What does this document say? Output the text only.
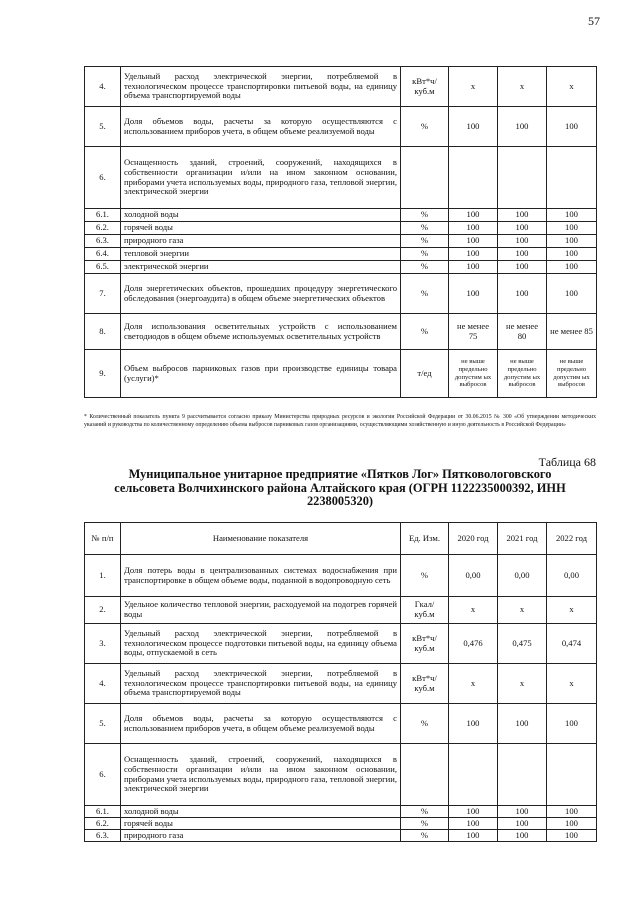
57
4.	Удельный расход электрической энергии, потребляемой в технологическом процессе транспортировки питьевой воды, на единицу объема транспортируемой воды	кВт*ч/ куб.м	x	x	x
5.	Доля объемов воды, расчеты за которую осуществляются с использованием приборов учета, в общем объеме реализуемой воды	%	100	100	100
6.	Оснащенность зданий, строений, сооружений, находящихся в собственности организации и/или на ином законном основании, приборами учета используемых воды, природного газа, тепловой энергии, электрической энергии				
6.1.	холодной воды	%	100	100	100
6.2.	горячей воды	%	100	100	100
6.3.	природного газа	%	100	100	100
6.4.	тепловой энергии	%	100	100	100
6.5.	электрической энергии	%	100	100	100
7.	Доля энергетических объектов, прошедших процедуру энергетического обследования (энергоаудита) в общем объеме энергетических объектов	%	100	100	100
8.	Доля использования осветительных устройств с использованием светодиодов в общем объеме используемых осветительных устройств	%	не менее 75	не менее 80	не менее 85
9.	Объем выбросов парниковых газов при производстве единицы товара (услуги)*	т/ед	не выше предельно допустим ых выбросов	не выше предельно допустим ых выбросов	не выше предельно допустим ых выбросов
* Количественный показатель пункта 9 рассчитывается согласно приказу Министерства природных ресурсов и экологии Российской Федерации от 30.06.2015 № 300 «Об утверждении методических указаний и руководства по количественному определению объема выбросов парниковых газов организациями, осуществляющими хозяйственную и иную деятельность в Российской Федерации»
Таблица 68
Муниципальное унитарное предприятие «Пятков Лог» Пятковологовского сельсовета Волчихинского района Алтайского края (ОГРН 1122235000392, ИНН 2238005320)
№ п/п	Наименование показателя	Ед. Изм.	2020 год	2021 год	2022 год
1.	Доля потерь воды в централизованных системах водоснабжения при транспортировке в общем объеме воды, поданной в водопроводную сеть	%	0,00	0,00	0,00
2.	Удельное количество тепловой энергии, расходуемой на подогрев горячей воды	Гкал/ куб.м	x	x	x
3.	Удельный расход электрической энергии, потребляемой в технологическом процессе подготовки питьевой воды, на единицу объема воды, отпускаемой в сеть	кВт*ч/ куб.м	0,476	0,475	0,474
4.	Удельный расход электрической энергии, потребляемой в технологическом процессе транспортировки питьевой воды, на единицу объема транспортируемой воды	кВт*ч/ куб.м	x	x	x
5.	Доля объемов воды, расчеты за которую осуществляются с использованием приборов учета, в общем объеме реализуемой воды	%	100	100	100
6.	Оснащенность зданий, строений, сооружений, находящихся в собственности организации и/или на ином законном основании, приборами учета используемых воды, природного газа, тепловой энергии, электрической энергии				
6.1.	холодной воды	%	100	100	100
6.2.	горячей воды	%	100	100	100
6.3.	природного газа	%	100	100	100
